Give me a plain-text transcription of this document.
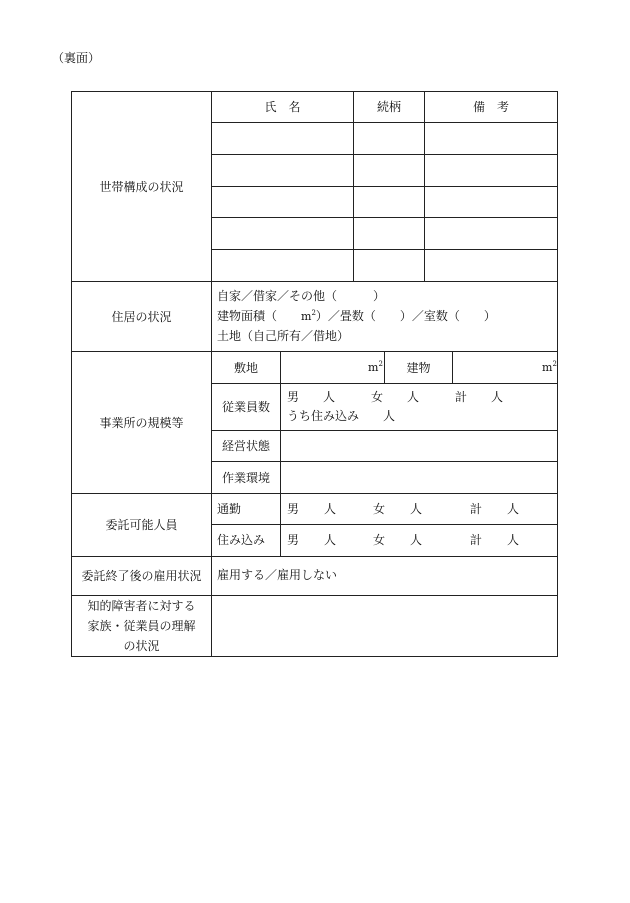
（裏面）
世帯構成の状況
氏　名	続柄	備　考
住居の状況
自家／借家／その他（　　　）
建物面積（　　$m^2)/$畳数（　　）／室数（　　）
土地（自己所有／借地）
事業所の規模等
敷地	$m^2$	建物	$m^2$
従業員数
男　　人　　　女　　人　　　計　　人
うち住み込み　　人
経営状態
作業環境
委託可能人員
通勤	男 人	女 人	計 人
住み込み 男 人	女 人	計 人
委託終了後の雇用状況	雇用する／雇用しない
知的障害者に対する
家族・従業員の理解
の状況
